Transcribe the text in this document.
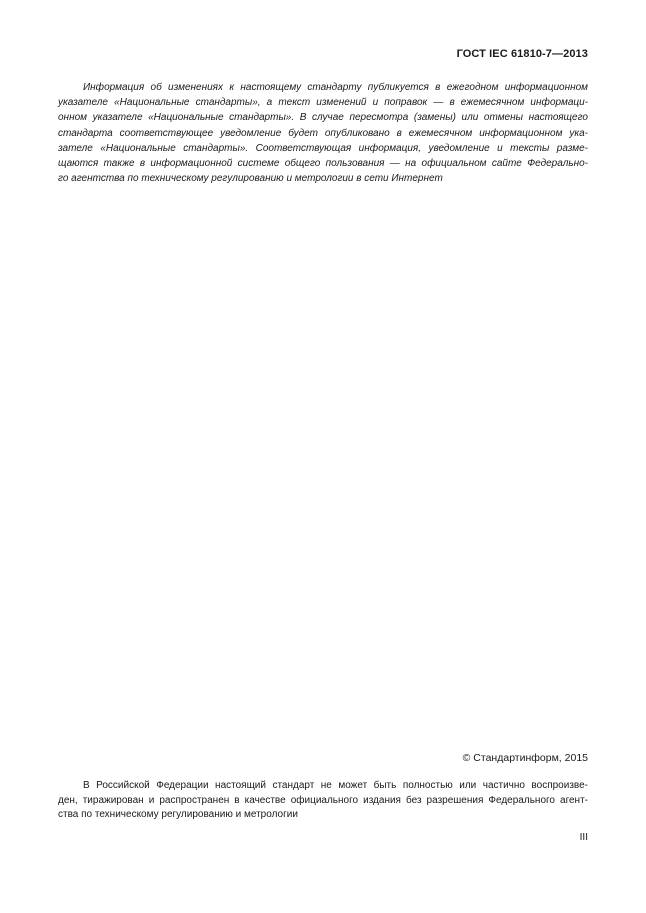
ГОСТ IEC 61810-7—2013
Информация об изменениях к настоящему стандарту публикуется в ежегодном информационном
указателе «Национальные стандарты», а текст изменений и поправок — в ежемесячном информаци-
онном указателе «Национальные стандарты». В случае пересмотра (замены) или отмены настоящего
стандарта соответствующее уведомление будет опубликовано в ежемесячном информационном ука-
зателе «Национальные стандарты». Соответствующая информация, уведомление и тексты разме-
щаются также в информационной системе общего пользования — на официальном сайте Федерально-
го агентства по техническому регулированию и метрологии в сети Интернет
© Стандартинформ, 2015
В Российской Федерации настоящий стандарт не может быть полностью или частично воспроизве-
ден, тиражирован и распространен в качестве официального издания без разрешения Федерального агент-
ства по техническому регулированию и метрологии
III
